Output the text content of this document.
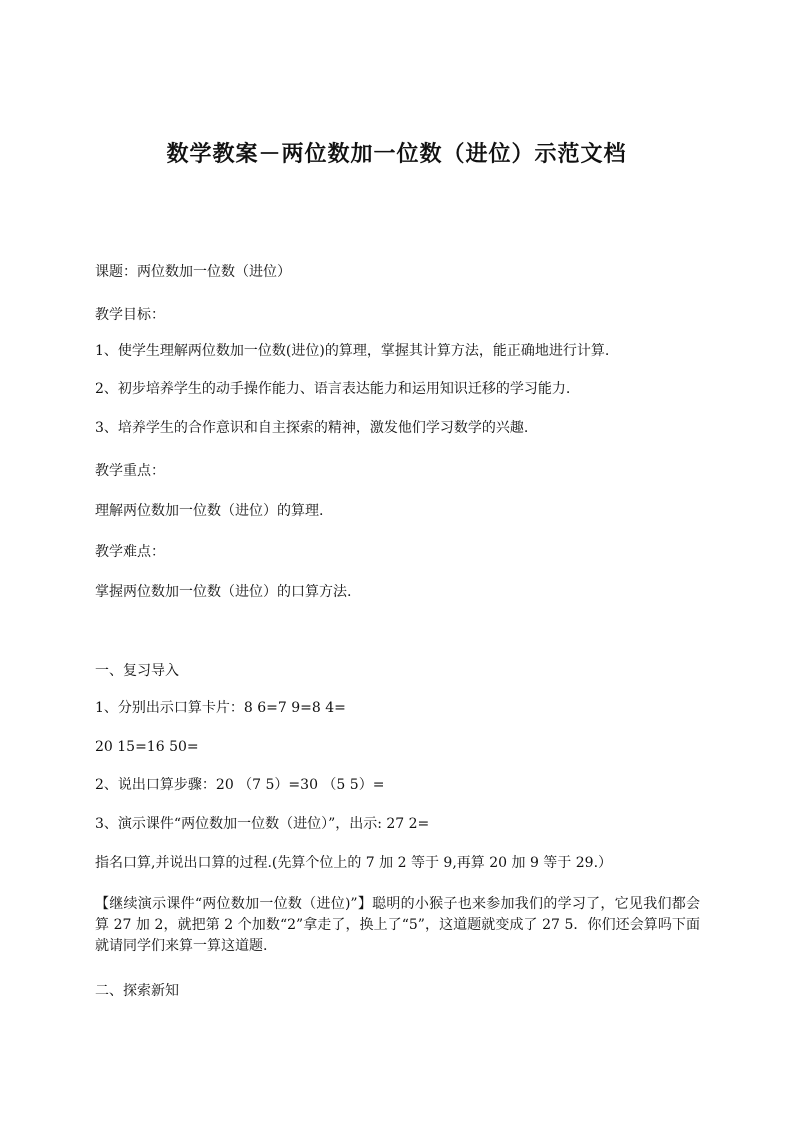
数学教案－两位数加一位数（进位）示范文档
课题：两位数加一位数（进位）
教学目标：
1、使学生理解两位数加一位数(进位)的算理，掌握其计算方法，能正确地进行计算.
2、初步培养学生的动手操作能力、语言表达能力和运用知识迁移的学习能力.
3、培养学生的合作意识和自主探索的精神，激发他们学习数学的兴趣.
教学重点：
理解两位数加一位数（进位）的算理.
教学难点：
掌握两位数加一位数（进位）的口算方法.
一、复习导入
1、分别出示口算卡片：8 6=7 9=8 4=
20 15=16 50=
2、说出口算步骤：20 （7 5）=30 （5 5）=
3、演示课件“两位数加一位数（进位）”，出示: 27 2=
指名口算,并说出口算的过程.(先算个位上的 7 加 2 等于 9,再算 20 加 9 等于 29.）
【继续演示课件“两位数加一位数（进位)”】聪明的小猴子也来参加我们的学习了，它见我们都会算 27 加 2，就把第 2 个加数“2”拿走了，换上了“5”，这道题就变成了 27 5．你们还会算吗下面就请同学们来算一算这道题.
二、探索新知
